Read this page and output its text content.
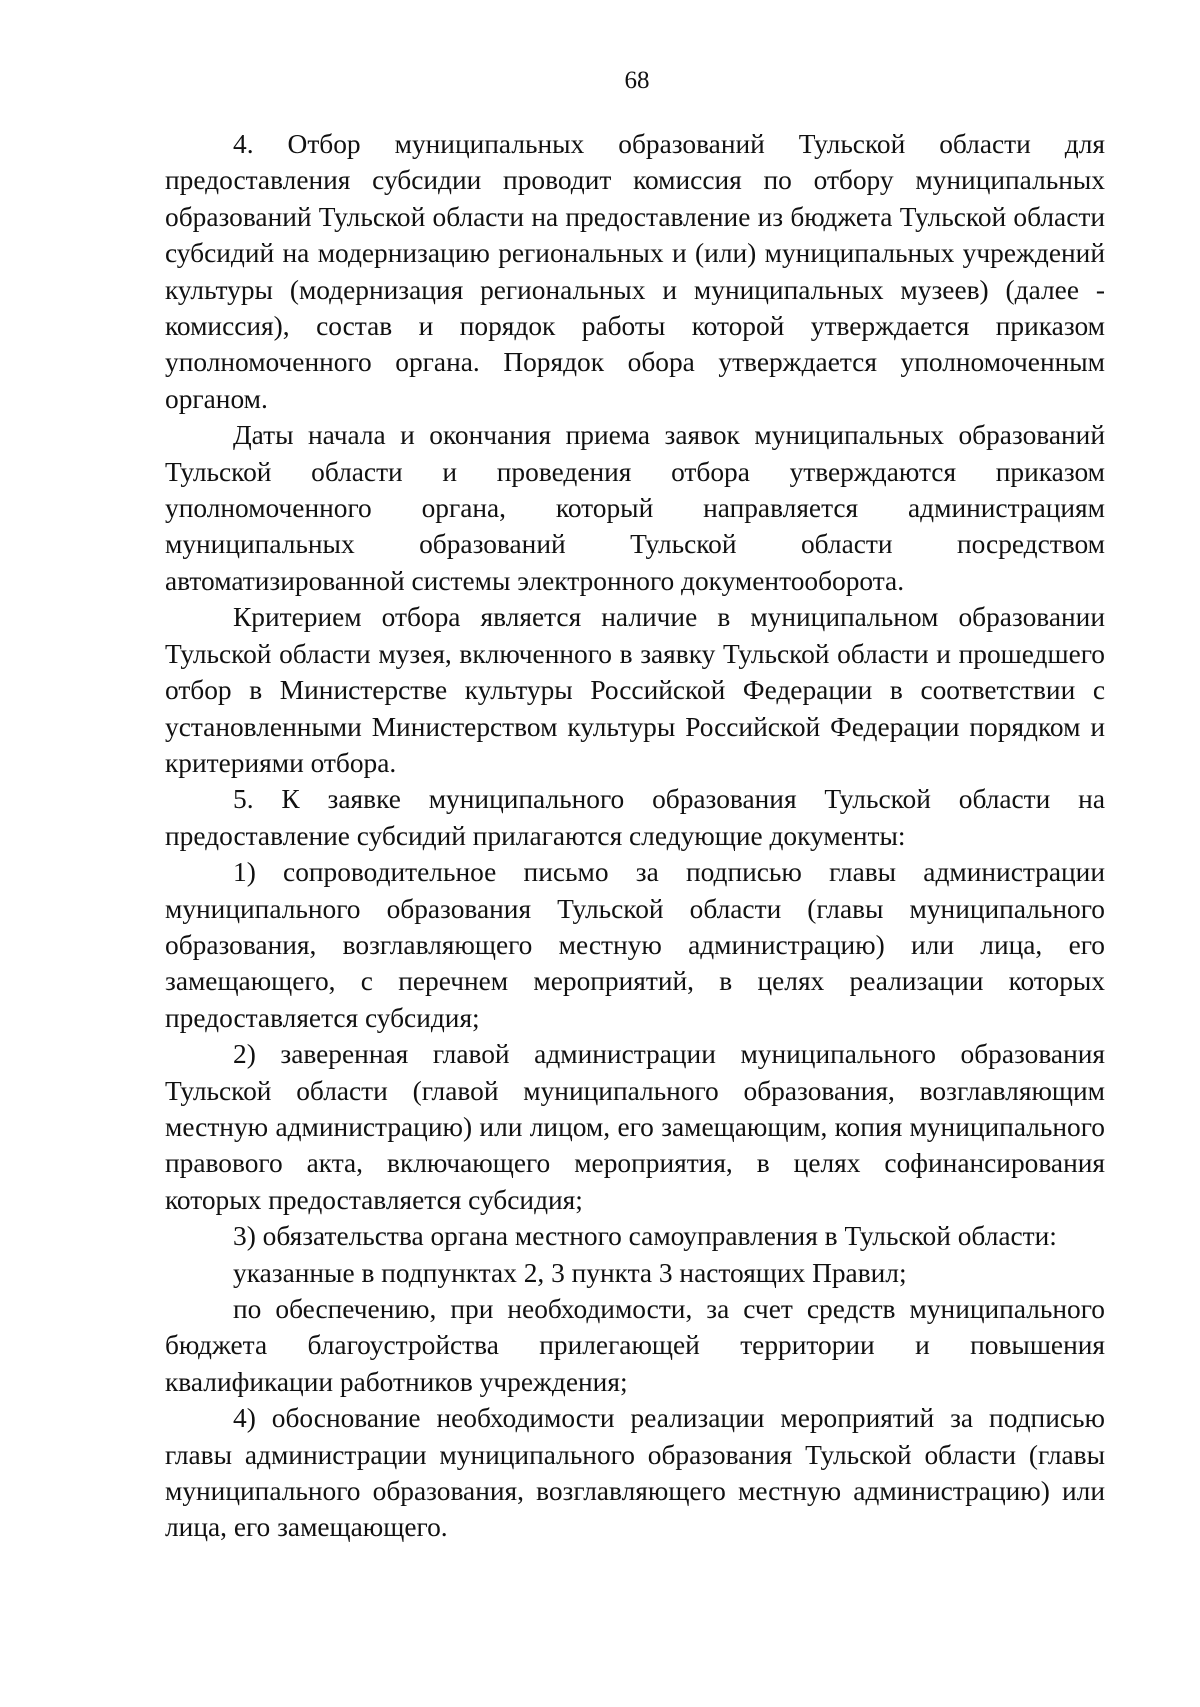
68

4. Отбор муниципальных образований Тульской области для предоставления субсидии проводит комиссия по отбору муниципальных образований Тульской области на предоставление из бюджета Тульской области субсидий на модернизацию региональных и (или) муниципальных учреждений культуры (модернизация региональных и муниципальных музеев) (далее - комиссия), состав и порядок работы которой утверждается приказом уполномоченного органа. Порядок обора утверждается уполномоченным органом.

Даты начала и окончания приема заявок муниципальных образований Тульской области и проведения отбора утверждаются приказом уполномоченного органа, который направляется администрациям муниципальных образований Тульской области посредством автоматизированной системы электронного документооборота.

Критерием отбора является наличие в муниципальном образовании Тульской области музея, включенного в заявку Тульской области и прошедшего отбор в Министерстве культуры Российской Федерации в соответствии с установленными Министерством культуры Российской Федерации порядком и критериями отбора.

5. К заявке муниципального образования Тульской области на предоставление субсидий прилагаются следующие документы:

1) сопроводительное письмо за подписью главы администрации муниципального образования Тульской области (главы муниципального образования, возглавляющего местную администрацию) или лица, его замещающего, с перечнем мероприятий, в целях реализации которых предоставляется субсидия;

2) заверенная главой администрации муниципального образования Тульской области (главой муниципального образования, возглавляющим местную администрацию) или лицом, его замещающим, копия муниципального правового акта, включающего мероприятия, в целях софинансирования которых предоставляется субсидия;

3) обязательства органа местного самоуправления в Тульской области:

указанные в подпунктах 2, 3 пункта 3 настоящих Правил;

по обеспечению, при необходимости, за счет средств муниципального бюджета благоустройства прилегающей территории и повышения квалификации работников учреждения;

4) обоснование необходимости реализации мероприятий за подписью главы администрации муниципального образования Тульской области (главы муниципального образования, возглавляющего местную администрацию) или лица, его замещающего.
